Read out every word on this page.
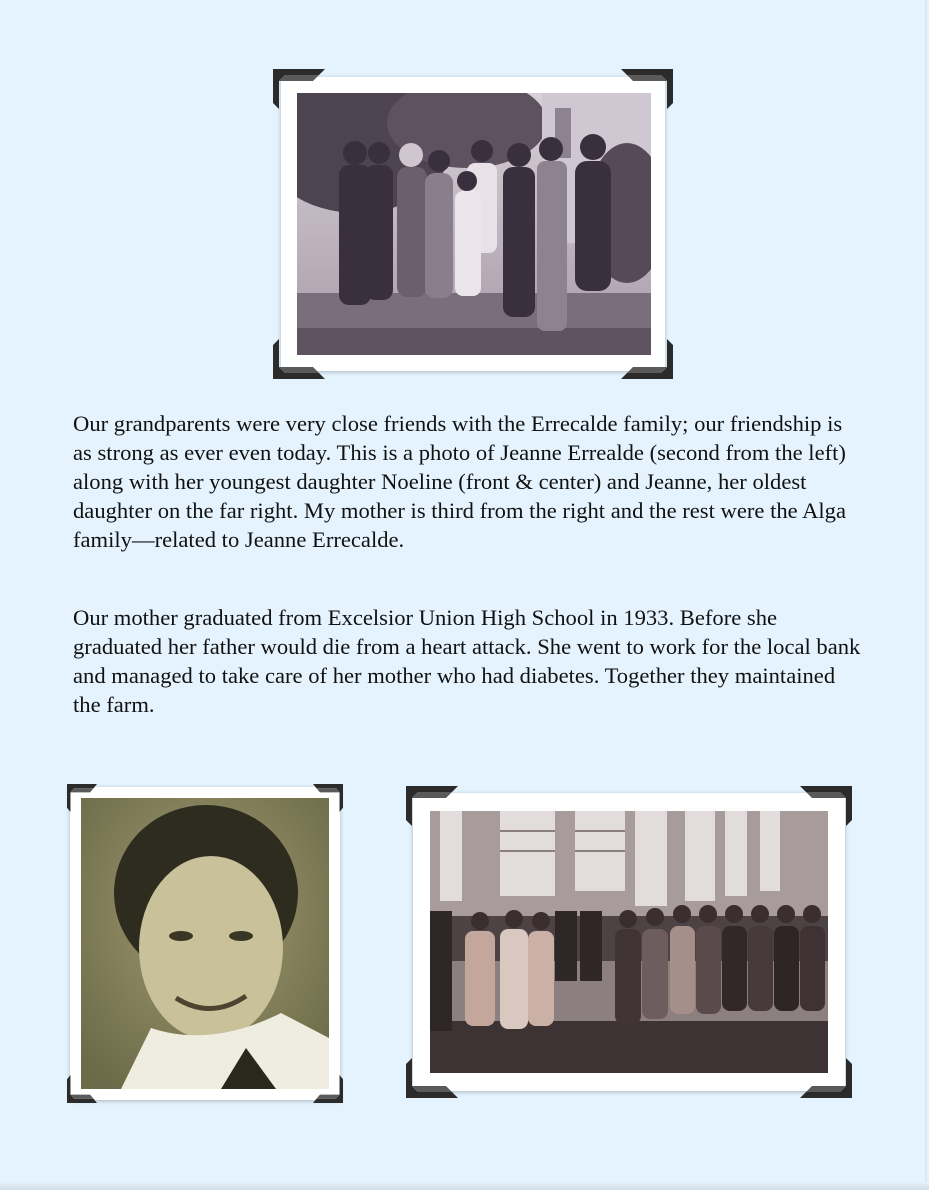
Our grandparents were very close friends with the Errecalde family; our friendship is as strong as ever even today. This is a photo of Jeanne Errealde (second from the left) along with her youngest daughter Noeline (front & center) and Jeanne, her oldest daughter on the far right. My mother is third from the right and the rest were the Alga family—related to Jeanne Errecalde.

Our mother graduated from Excelsior Union High School in 1933. Before she graduated her father would die from a heart attack. She went to work for the local bank and managed to take care of her mother who had diabetes. Together they maintained the farm.
